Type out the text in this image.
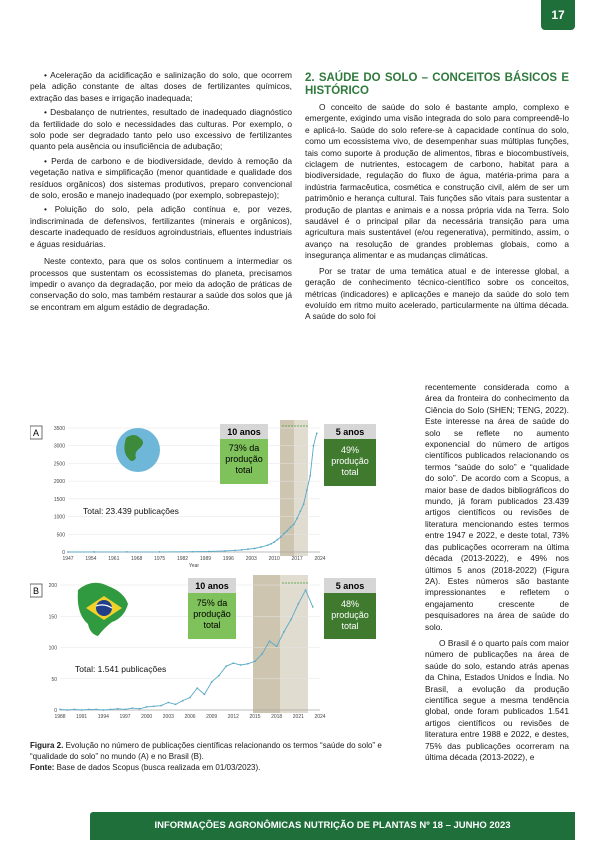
17

• Aceleração da acidificação e salinização do solo, que ocorrem pela adição constante de altas doses de fertilizantes químicos, extração das bases e irrigação inadequada;

• Desbalanço de nutrientes, resultado de inadequado diagnóstico da fertilidade do solo e necessidades das culturas. Por exemplo, o solo pode ser degradado tanto pelo uso excessivo de fertilizantes quanto pela ausência ou insuficiência de adubação;

• Perda de carbono e de biodiversidade, devido à remoção da vegetação nativa e simplificação (menor quantidade e qualidade dos resíduos orgânicos) dos sistemas produtivos, preparo convencional de solo, erosão e manejo inadequado (por exemplo, sobrepastejo);

• Poluição do solo, pela adição contínua e, por vezes, indiscriminada de defensivos, fertilizantes (minerais e orgânicos), descarte inadequado de resíduos agroindustriais, efluentes industriais e águas residuárias.

Neste contexto, para que os solos continuem a intermediar os processos que sustentam os ecossistemas do planeta, precisamos impedir o avanço da degradação, por meio da adoção de práticas de conservação do solo, mas também restaurar a saúde dos solos que já se encontram em algum estádio de degradação.

2. SAÚDE DO SOLO – CONCEITOS BÁSICOS E HISTÓRICO

O conceito de saúde do solo é bastante amplo, complexo e emergente, exigindo uma visão integrada do solo para compreendê-lo e aplicá-lo. Saúde do solo refere-se à capacidade contínua do solo, como um ecossistema vivo, de desempenhar suas múltiplas funções, tais como suporte à produção de alimentos, fibras e biocombustíveis, ciclagem de nutrientes, estocagem de carbono, habitat para a biodiversidade, regulação do fluxo de água, matéria-prima para a indústria farmacêutica, cosmética e construção civil, além de ser um patrimônio e herança cultural. Tais funções são vitais para sustentar a produção de plantas e animais e a nossa própria vida na Terra. Solo saudável é o principal pilar da necessária transição para uma agricultura mais sustentável (e/ou regenerativa), permitindo, assim, o avanço na resolução de grandes problemas globais, como a insegurança alimentar e as mudanças climáticas.

Por se tratar de uma temática atual e de interesse global, a geração de conhecimento técnico-científico sobre os conceitos, métricas (indicadores) e aplicações e manejo da saúde do solo tem evoluído em ritmo muito acelerado, particularmente na última década. A saúde do solo foi

recentemente considerada como a área da fronteira do conhecimento da Ciência do Solo (SHEN; TENG, 2022). Este interesse na área de saúde do solo se reflete no aumento exponencial do número de artigos científicos publicados relacionando os termos “saúde do solo” e “qualidade do solo”. De acordo com a Scopus, a maior base de dados bibliográficos do mundo, já foram publicados 23.439 artigos científicos ou revisões de literatura mencionando estes termos entre 1947 e 2022, e deste total, 73% das publicações ocorreram na última década (2013-2022), e 49% nos últimos 5 anos (2018-2022) (Figura 2A). Estes números são bastante impressionantes e refletem o engajamento crescente de pesquisadores na área de saúde do solo.

O Brasil é o quarto país com maior número de publicações na área de saúde do solo, estando atrás apenas da China, Estados Unidos e Índia. No Brasil, a evolução da produção científica segue a mesma tendência global, onde foram publicados 1.541 artigos científicos ou revisões de literatura entre 1988 e 2022, e destes, 75% das publicações ocorreram na última década (2013-2022), e

A
0
500
1000
1500
2000
2500
3000
3500
1947 1954 1961 1968 1975 1982 1989 1996 2003 2010 2017 2024
Year
Total: 23.439 publicações
10 anos
73% da produção total
B
0
50
100
150
200
1988 1991 1994 1997 2000 2003 2006 2009 2012 2015 2018 2021 2024
Total: 1.541 publicações
10 anos
75% da produção total
5 anos
49% produção total
5 anos
48% produção total
Figura 2. Evolução no número de publicações científicas relacionando os termos “saúde do solo” e “qualidade do solo” no mundo (A) e no Brasil (B).
Fonte: Base de dados Scopus (busca realizada em 01/03/2023).
INFORMAÇÕES AGRONÔMICAS NUTRIÇÃO DE PLANTAS Nº 18 – JUNHO 2023
